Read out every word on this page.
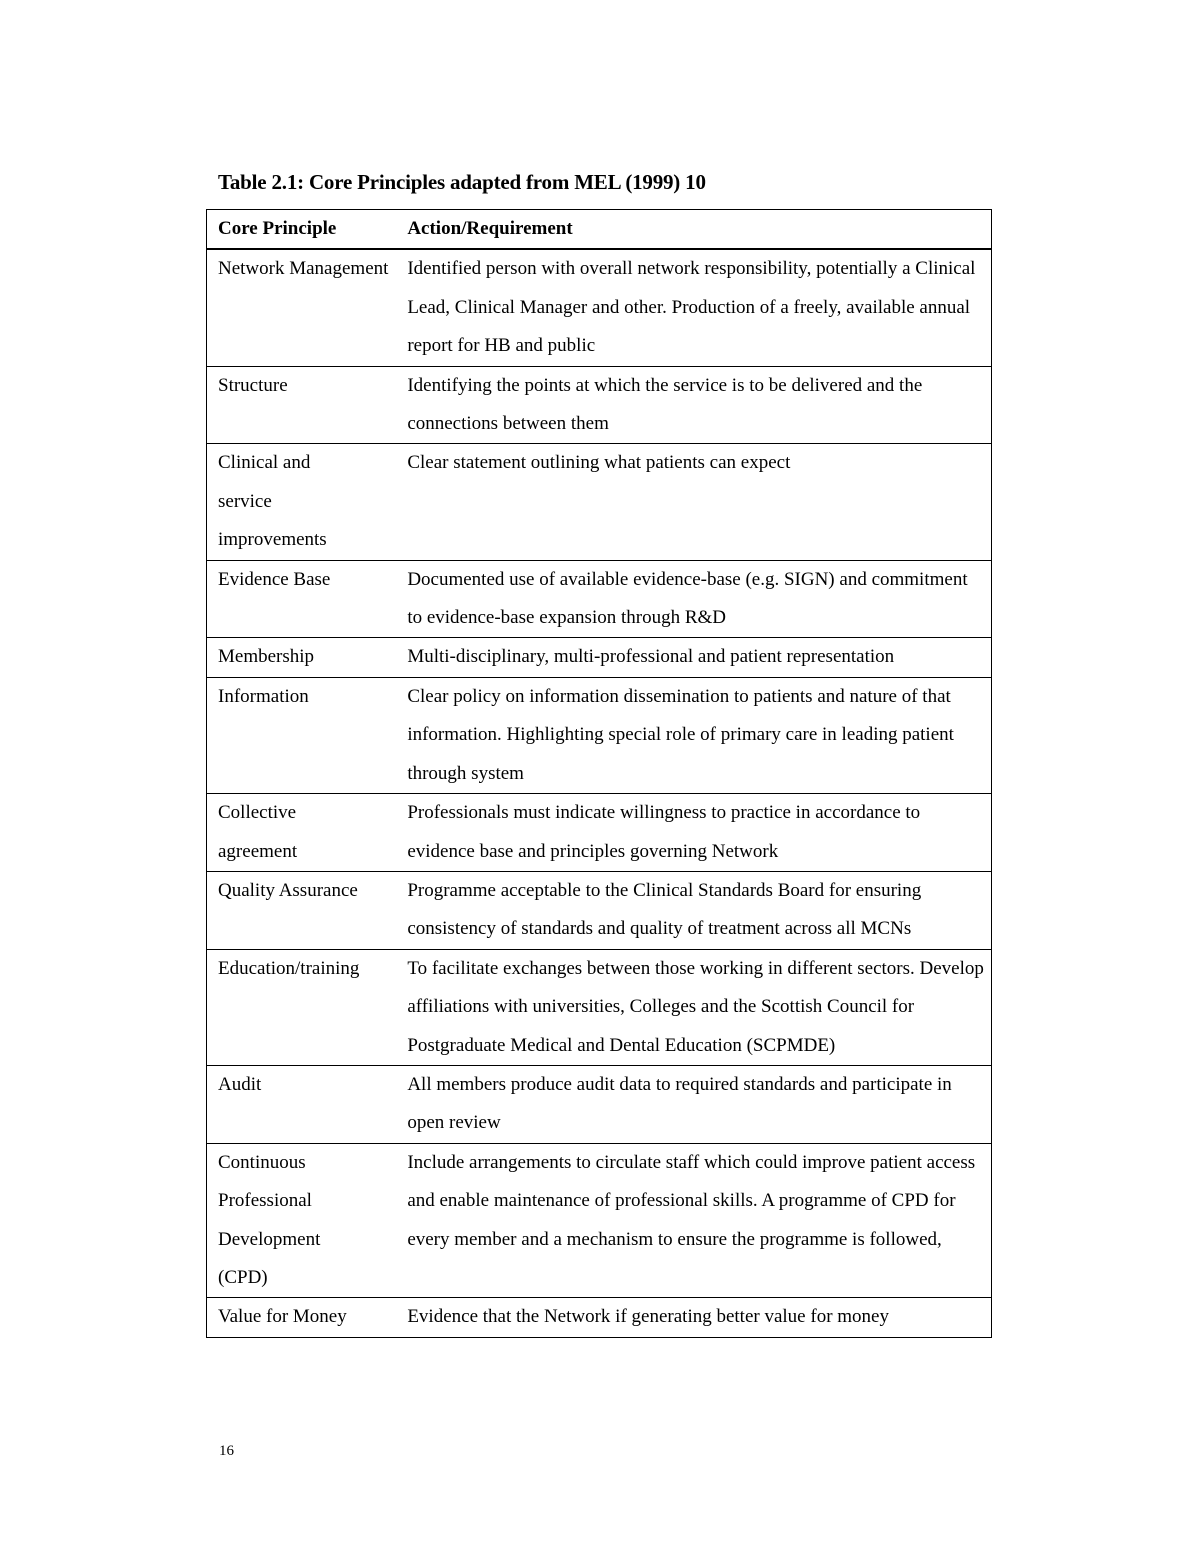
Table 2.1: Core Principles adapted from MEL (1999) 10
Core Principle	Action/Requirement
Network Management	Identified person with overall network responsibility, potentially a Clinical Lead, Clinical Manager and other. Production of a freely, available annual report for HB and public
Structure	Identifying the points at which the service is to be delivered and the connections between them
Clinical and service improvements	Clear statement outlining what patients can expect
Evidence Base	Documented use of available evidence-base (e.g. SIGN) and commitment to evidence-base expansion through R&D
Membership	Multi-disciplinary, multi-professional and patient representation
Information	Clear policy on information dissemination to patients and nature of that information. Highlighting special role of primary care in leading patient through system
Collective agreement	Professionals must indicate willingness to practice in accordance to evidence base and principles governing Network
Quality Assurance	Programme acceptable to the Clinical Standards Board for ensuring consistency of standards and quality of treatment across all MCNs
Education/training	To facilitate exchanges between those working in different sectors. Develop affiliations with universities, Colleges and the Scottish Council for Postgraduate Medical and Dental Education (SCPMDE)
Audit	All members produce audit data to required standards and participate in open review
Continuous Professional Development (CPD)	Include arrangements to circulate staff which could improve patient access and enable maintenance of professional skills. A programme of CPD for every member and a mechanism to ensure the programme is followed,
Value for Money	Evidence that the Network if generating better value for money
16
